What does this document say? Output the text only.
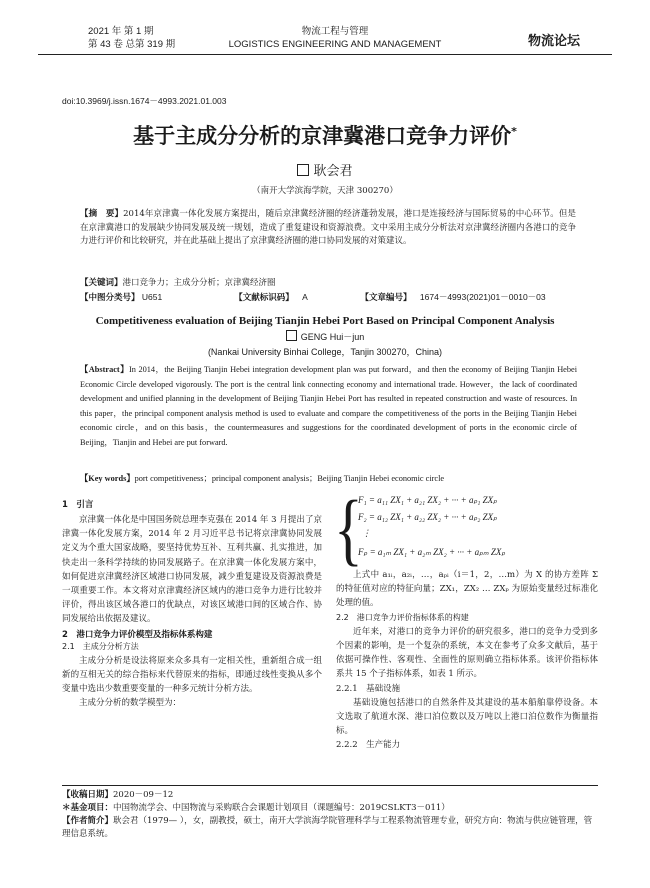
2021 年 第 1 期
第 43 卷 总第 319 期
物流工程与管理
LOGISTICS ENGINEERING AND MANAGEMENT	物流论坛
doi:10.3969/j.issn.1674－4993.2021.01.003
基于主成分分析的京津冀港口竞争力评价*
耿会君
（南开大学滨海学院，天津 300270）
【摘　要】2014年京津冀一体化发展方案提出，随后京津冀经济圈的经济蓬勃发展，港口是连接经济与国际贸易的中心环节。但是在京津冀港口的发展缺少协同发展及统一规划，造成了重复建设和资源浪费。文中采用主成分分析法对京津冀经济圈内各港口的竞争力进行评价和比较研究，并在此基础上提出了京津冀经济圈的港口协同发展的对策建议。
【关键词】港口竞争力；主成分分析；京津冀经济圈
【中图分类号】 U651	【文献标识码】 A	【文章编号】 1674－4993(2021)01－0010－03
Competitiveness evaluation of Beijing Tianjin Hebei Port Based on Principal Component Analysis
GENG Hui－jun
(Nankai University Binhai College，Tanjin 300270，China)
【Abstract】In 2014，the Beijing Tianjin Hebei integration development plan was put forward，and then the economy of Beijing Tianjin Hebei Economic Circle developed vigorously. The port is the central link connecting economy and international trade. However，the lack of coordinated development and unified planning in the development of Beijing Tianjin Hebei Port has resulted in repeated construction and waste of resources. In this paper，the principal component analysis method is used to evaluate and compare the competitiveness of the ports in the Beijing Tianjin Hebei economic circle，and on this basis，the countermeasures and suggestions for the coordinated development of ports in the economic circle of Beijing，Tianjin and Hebei are put forward.
【Key words】port competitiveness；principal component analysis；Beijing Tianjin Hebei economic circle
1　引言
京津冀一体化是中国国务院总理李克强在 2014 年 3 月提出了京津冀一体化发展方案，2014 年 2 月习近平总书记将京津冀协同发展定义为个重大国家战略，要坚持优势互补、互利共赢、扎实推进，加快走出一条科学持续的协同发展路子。在京津冀一体化发展方案中，如何促进京津冀经济区域港口协同发展，减少重复建设及资源浪费是一项重要工作。本文将对京津冀经济区域内的港口竞争力进行比较并评价，得出该区域各港口的优缺点，对该区域港口间的区域合作、协同发展给出依据及建议。
2　港口竞争力评价模型及指标体系构建
2.1　主成分分析方法
主成分分析是设法将原来众多具有一定相关性，重新组合成一组新的互相无关的综合指标来代替原来的指标，即通过线性变换从多个变量中选出少数重要变量的一种多元统计分析方法。
主成分分析的数学模型为：
{
F₁ = a₁₁ ZX₁ + a₂₁ ZX₂ + ··· + aₚ₁ ZXₚ
F₂ = a₁₂ ZX₁ + a₂₂ ZX₂ + ··· + aₚ₂ ZXₚ
⋮
Fₚ = a₁ₘ ZX₁ + a₂ₘ ZX₂ + ··· + aₚₘ ZXₚ
上式中 a₁ᵢ，a₂ᵢ，…，aₚᵢ（i＝1，2，…m）为 X 的协方差阵 Σ 的特征值对应的特征向量；ZX₁，ZX₂ … ZXₚ 为原始变量经过标准化处理的值。
2.2　港口竞争力评价指标体系的构建
近年来，对港口的竞争力评价的研究很多，港口的竞争力受到多个因素的影响，是一个复杂的系统，本文在参考了众多文献后，基于依据可操作性、客观性、全面性的原则确立指标体系。该评价指标体系共 15 个子指标体系，如表 1 所示。
2.2.1　基础设施
基础设施包括港口的自然条件及其建设的基本船舶靠停设备。本文选取了航道水深、港口泊位数以及万吨以上港口泊位数作为衡量指标。
2.2.2　生产能力
【收稿日期】2020－09－12
＊基金项目：中国物流学会、中国物流与采购联合会课题计划项目（课题编号：2019CSLKT3－011）
【作者简介】耿会君（1979— ），女，副教授，硕士，南开大学滨海学院管理科学与工程系物流管理专业，研究方向：物流与供应链管理，管理信息系统。
